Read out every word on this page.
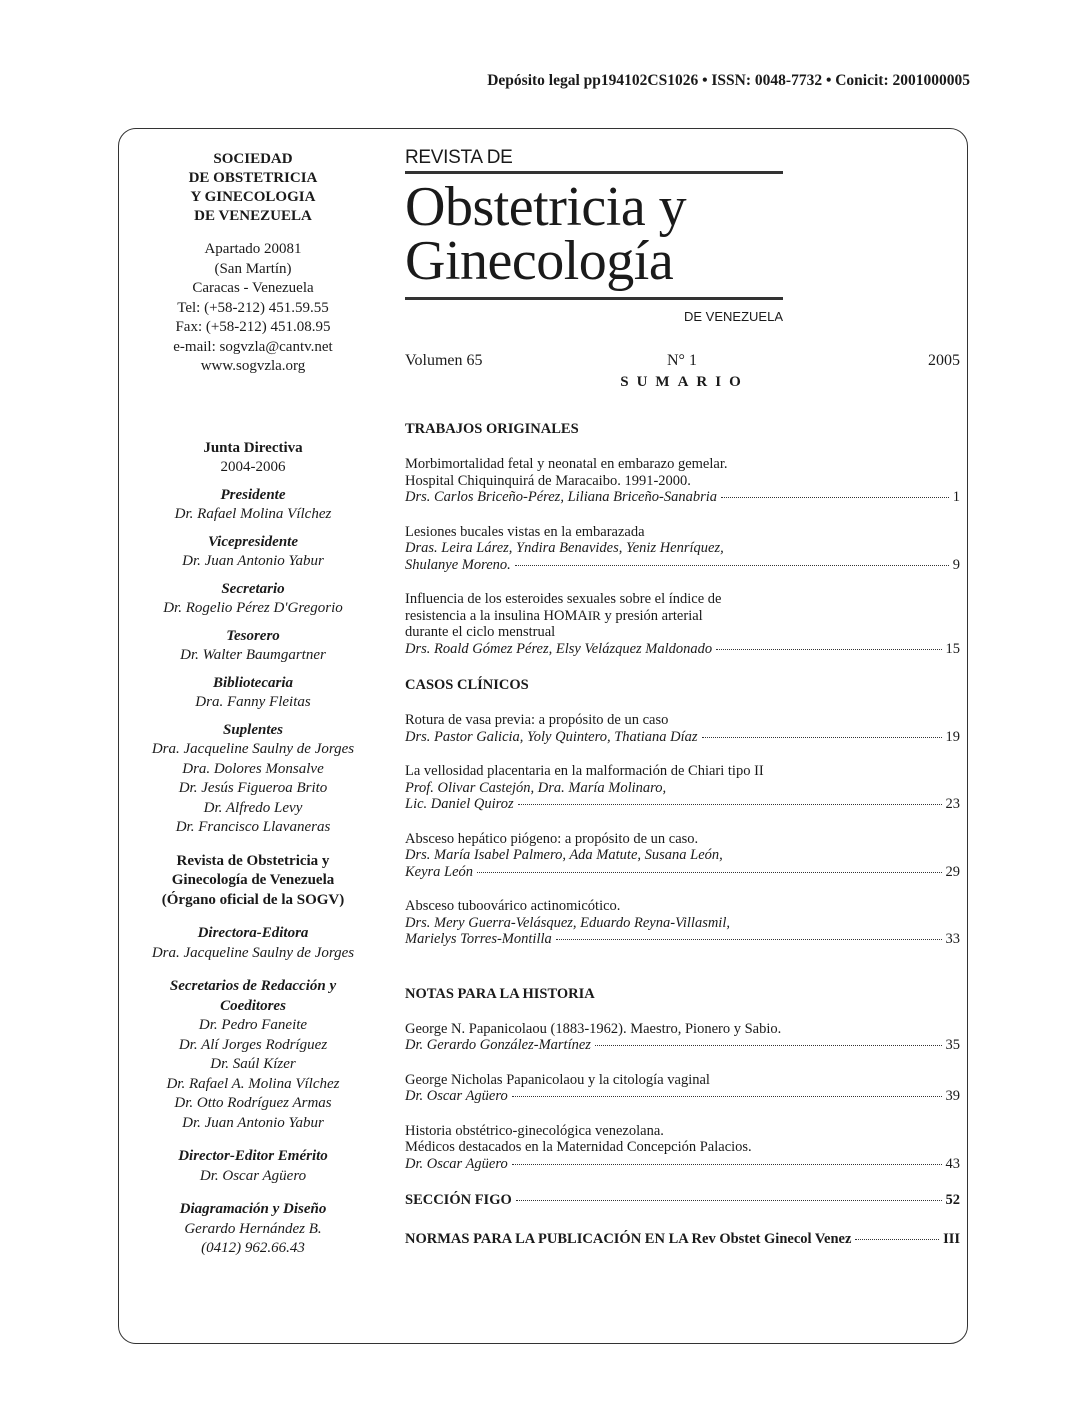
Depósito legal pp194102CS1026 • ISSN: 0048-7732 • Conicit: 2001000005
SOCIEDAD
DE OBSTETRICIA
Y GINECOLOGIA
DE VENEZUELA
Apartado 20081
(San Martín)
Caracas - Venezuela
Tel: (+58-212) 451.59.55
Fax: (+58-212) 451.08.95
e-mail: sogvzla@cantv.net
www.sogvzla.org
Junta Directiva
2004-2006
Presidente
Dr. Rafael Molina Vílchez
Vicepresidente
Dr. Juan Antonio Yabur
Secretario
Dr. Rogelio Pérez D'Gregorio
Tesorero
Dr. Walter Baumgartner
Bibliotecaria
Dra. Fanny Fleitas
Suplentes
Dra. Jacqueline Saulny de Jorges
Dra. Dolores Monsalve
Dr. Jesús Figueroa Brito
Dr. Alfredo Levy
Dr. Francisco Llavaneras
Revista de Obstetricia y
Ginecología de Venezuela
(Órgano oficial de la SOGV)
Directora-Editora
Dra. Jacqueline Saulny de Jorges
Secretarios de Redacción y
Coeditores
Dr. Pedro Faneite
Dr. Alí Jorges Rodríguez
Dr. Saúl Kízer
Dr. Rafael A. Molina Vílchez
Dr. Otto Rodríguez Armas
Dr. Juan Antonio Yabur
Director-Editor Emérito
Dr. Oscar Agüero
Diagramación y Diseño
Gerardo Hernández B.
(0412) 962.66.43
REVISTA DE
Obstetricia y
Ginecología
DE VENEZUELA
Volumen 65	N° 1	2005
SUMARIO
TRABAJOS ORIGINALES
Morbimortalidad fetal y neonatal en embarazo gemelar.
Hospital Chiquinquirá de Maracaibo. 1991-2000.
Drs. Carlos Briceño-Pérez, Liliana Briceño-Sanabria	1
Lesiones bucales vistas en la embarazada
Dras. Leira Lárez, Yndira Benavides, Yeniz Henríquez,
Shulanye Moreno.	9
Influencia de los esteroides sexuales sobre el índice de
resistencia a la insulina HOMAIR y presión arterial
durante el ciclo menstrual
Drs. Roald Gómez Pérez, Elsy Velázquez Maldonado	15
CASOS CLÍNICOS
Rotura de vasa previa: a propósito de un caso
Drs. Pastor Galicia, Yoly Quintero, Thatiana Díaz	19
La vellosidad placentaria en la malformación de Chiari tipo II
Prof. Olivar Castejón, Dra. María Molinaro,
Lic. Daniel Quiroz	23
Absceso hepático piógeno: a propósito de un caso.
Drs. María Isabel Palmero, Ada Matute, Susana León,
Keyra León	29
Absceso tuboovárico actinomicótico.
Drs. Mery Guerra-Velásquez, Eduardo Reyna-Villasmil,
Marielys Torres-Montilla	33
NOTAS PARA LA HISTORIA
George N. Papanicolaou (1883-1962). Maestro, Pionero y Sabio.
Dr. Gerardo González-Martínez	35
George Nicholas Papanicolaou y la citología vaginal
Dr. Oscar Agüero	39
Historia obstétrico-ginecológica venezolana.
Médicos destacados en la Maternidad Concepción Palacios.
Dr. Oscar Agüero	43
SECCIÓN FIGO	52
NORMAS PARA LA PUBLICACIÓN EN LA Rev Obstet Ginecol Venez	III
